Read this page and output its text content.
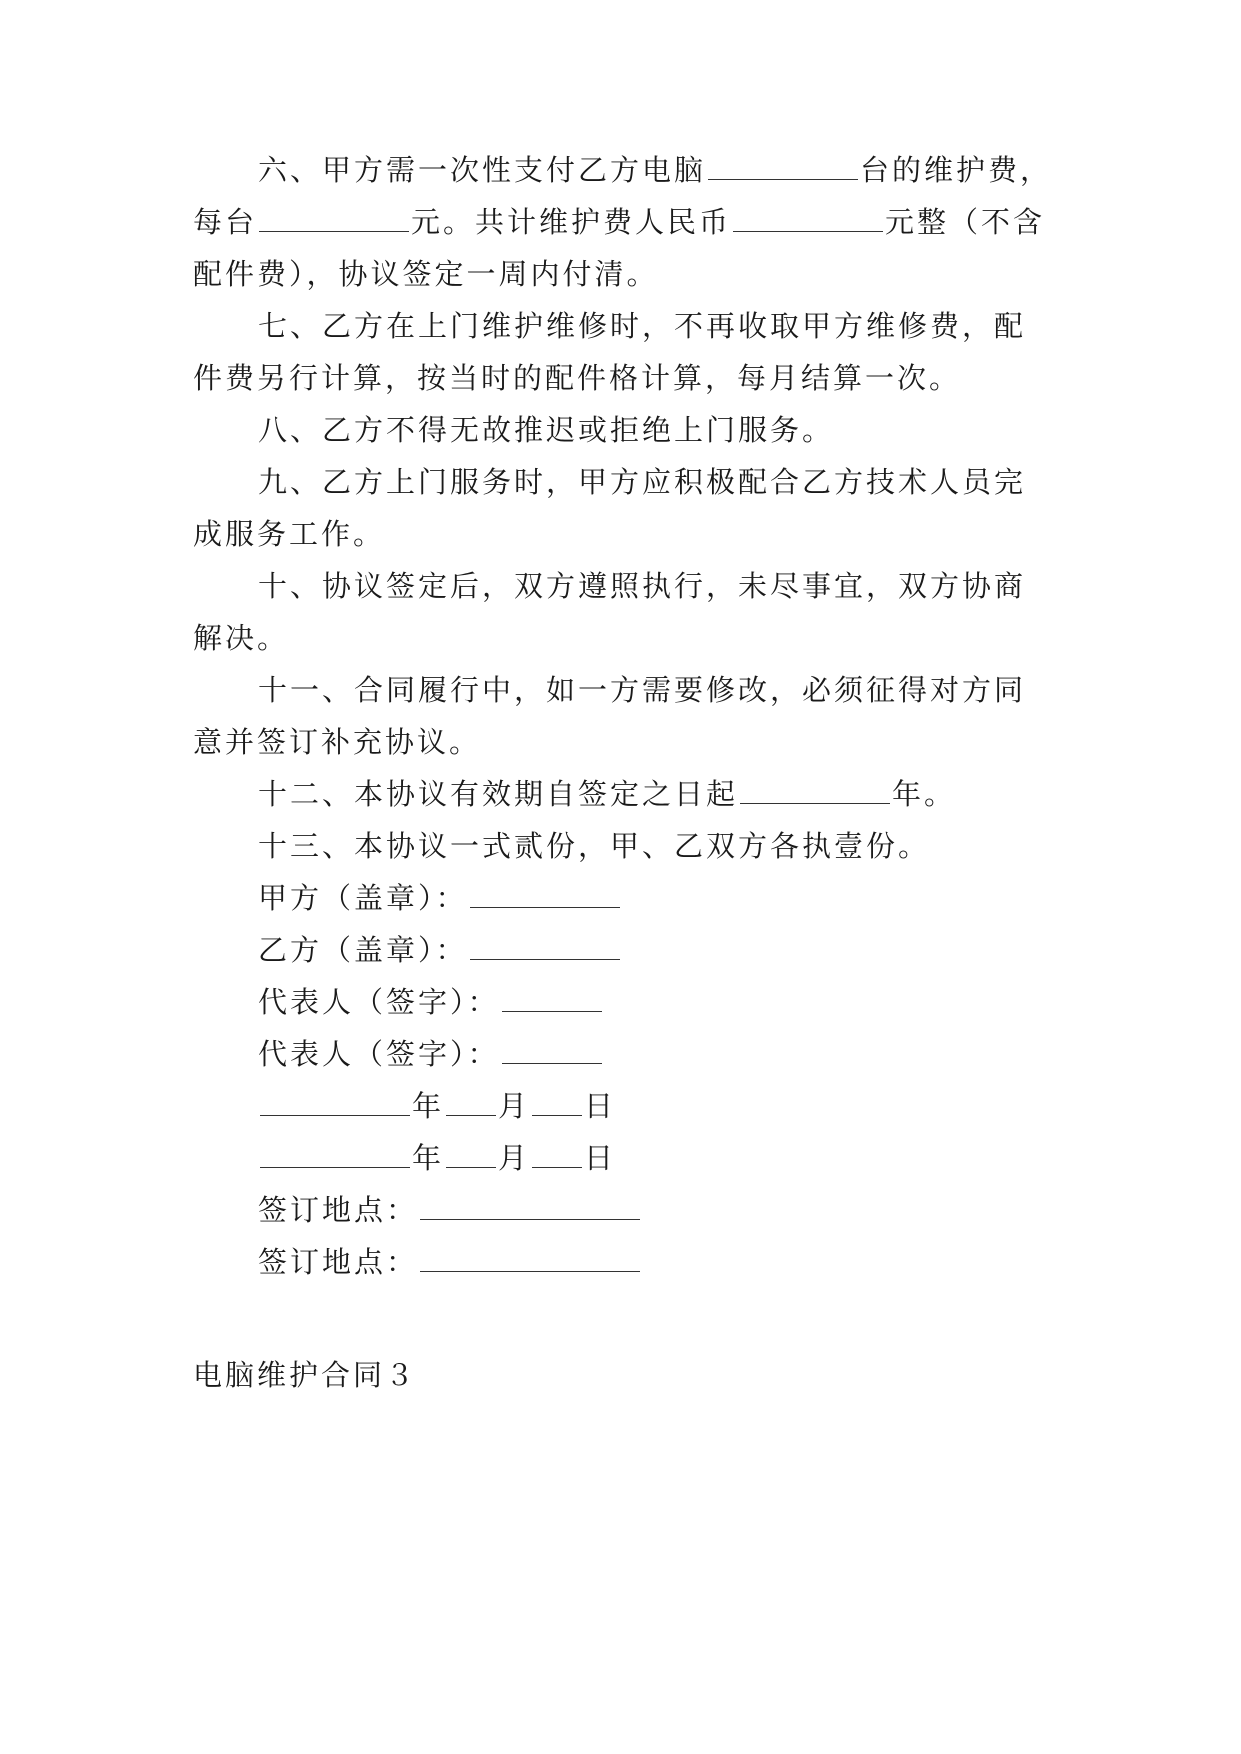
六、甲方需一次性支付乙方电脑	台的维护费，
每台	元。共计维护费人民币	元整（不含
配件费），协议签定一周内付清。
七、乙方在上门维护维修时，不再收取甲方维修费，配
件费另行计算，按当时的配件格计算，每月结算一次。
八、乙方不得无故推迟或拒绝上门服务。
九、乙方上门服务时，甲方应积极配合乙方技术人员完
成服务工作。
十、协议签定后，双方遵照执行，未尽事宜，双方协商
解决。
十一、合同履行中，如一方需要修改，必须征得对方同
意并签订补充协议。
十二、本协议有效期自签定之日起	年。
十三、本协议一式贰份，甲、乙双方各执壹份。
甲方（盖章）：
乙方（盖章）：
代表人（签字）：
代表人（签字）：
年 月 日
年 月 日
签订地点：
签订地点：
电脑维护合同３
